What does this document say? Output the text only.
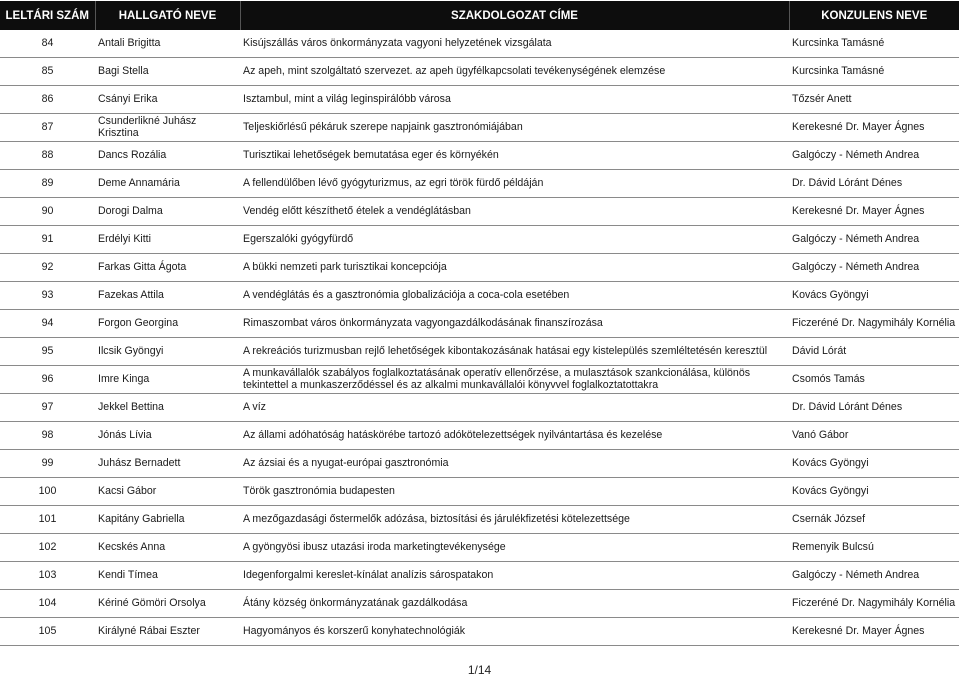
LELTÁRI SZÁM	HALLGATÓ NEVE	SZAKDOLGOZAT CÍME	KONZULENS NEVE
84	Antali Brigitta	Kisújszállás város önkormányzata vagyoni helyzetének vizsgálata	Kurcsinka Tamásné
85	Bagi Stella	Az apeh, mint szolgáltató szervezet. az apeh ügyfélkapcsolati tevékenységének elemzése	Kurcsinka Tamásné
86	Csányi Erika	Isztambul, mint a világ leginspirálóbb városa	Tőzsér Anett
87	Csunderlikné Juhász Krisztina	Teljeskiőrlésű pékáruk szerepe napjaink gasztronómiájában	Kerekesné Dr. Mayer Ágnes
88	Dancs Rozália	Turisztikai lehetőségek bemutatása eger és környékén	Galgóczy - Németh Andrea
89	Deme Annamária	A fellendülőben lévő gyógyturizmus, az egri török fürdő példáján	Dr. Dávid Lóránt Dénes
90	Dorogi Dalma	Vendég előtt készíthető ételek a vendéglátásban	Kerekesné Dr. Mayer Ágnes
91	Erdélyi Kitti	Egerszalóki gyógyfürdő	Galgóczy - Németh Andrea
92	Farkas Gitta Ágota	A bükki nemzeti park turisztikai koncepciója	Galgóczy - Németh Andrea
93	Fazekas Attila	A vendéglátás és a gasztronómia globalizációja a coca-cola esetében	Kovács Gyöngyi
94	Forgon Georgina	Rimaszombat város önkormányzata vagyongazdálkodásának finanszírozása	Ficzeréné Dr. Nagymihály Kornélia
95	Ilcsik Gyöngyi	A rekreációs turizmusban rejlő lehetőségek kibontakozásának hatásai egy kistelepülés szemléltetésén keresztül	Dávid Lórát
96	Imre Kinga	A munkavállalók szabályos foglalkoztatásának operatív ellenőrzése, a mulasztások szankcionálása, különös tekintettel a munkaszerződéssel és az alkalmi munkavállalói könyvvel foglalkoztatottakra	Csomós Tamás
97	Jekkel Bettina	A víz	Dr. Dávid Lóránt Dénes
98	Jónás Lívia	Az állami adóhatóság hatáskörébe tartozó adókötelezettségek nyilvántartása és kezelése	Vanó Gábor
99	Juhász Bernadett	Az ázsiai és a nyugat-európai gasztronómia	Kovács Gyöngyi
100	Kacsi Gábor	Török gasztronómia budapesten	Kovács Gyöngyi
101	Kapitány Gabriella	A mezőgazdasági őstermelők adózása, biztosítási és járulékfizetési kötelezettsége	Csernák József
102	Kecskés Anna	A gyöngyösi ibusz utazási iroda marketingtevékenysége	Remenyik Bulcsú
103	Kendi Tímea	Idegenforgalmi kereslet-kínálat analízis sárospatakon	Galgóczy - Németh Andrea
104	Kériné Gömöri Orsolya	Átány község önkormányzatának gazdálkodása	Ficzeréné Dr. Nagymihály Kornélia
105	Királyné Rábai Eszter	Hagyományos és korszerű konyhatechnológiák	Kerekesné Dr. Mayer Ágnes
1/14
